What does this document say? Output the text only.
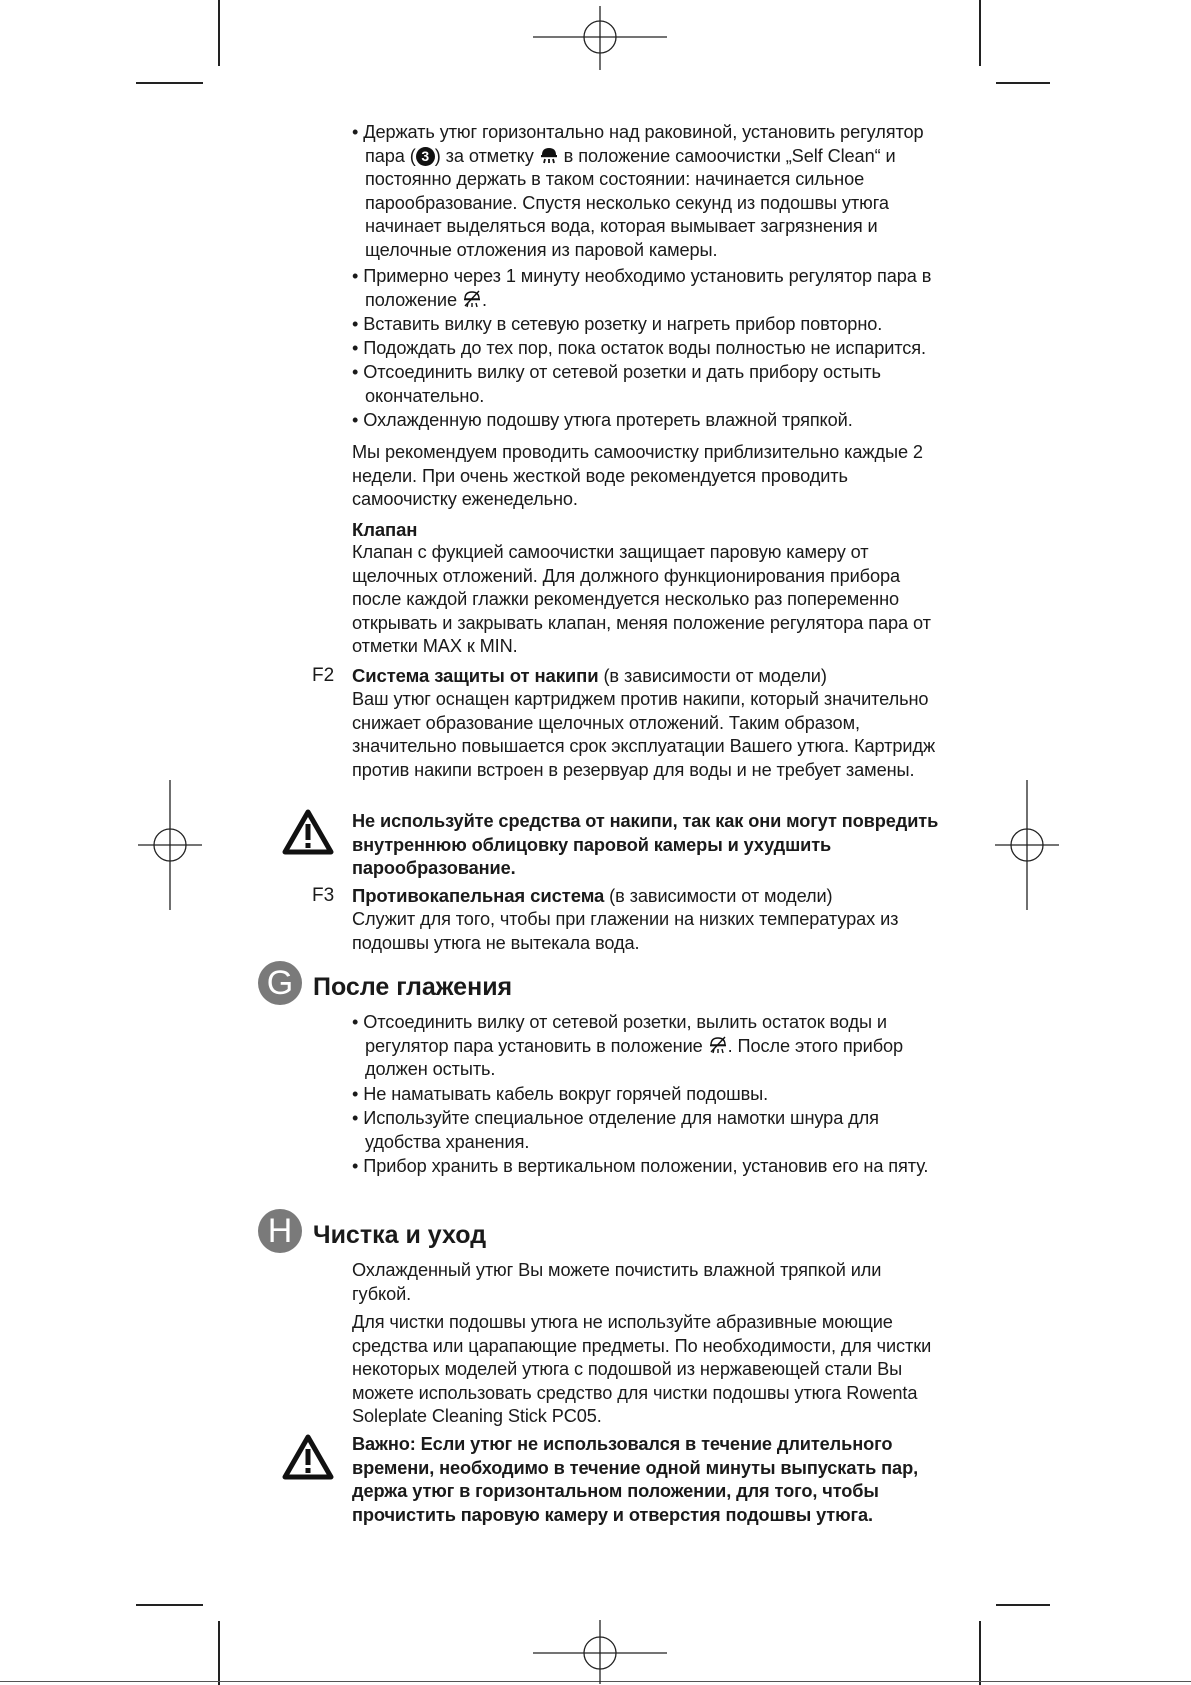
• Держать утюг горизонтально над раковиной, установить регулятор пара ( 3 ) за отметку  в положение самоочистки „Self Clean“ и постоянно держать в таком состоянии: начинается сильное парообразование. Спустя несколько секунд из подошвы утюга начинает выделяться вода, которая вымывает загрязнения и щелочные отложения из паровой камеры.
• Примерно через 1 минуту необходимо установить регулятор пара в положение .
• Вставить вилку в сетевую розетку и нагреть прибор повторно.
• Подождать до тех пор, пока остаток воды полностью не испарится.
• Отсоединить вилку от сетевой розетки и дать прибору остыть окончательно.
• Охлажденную подошву утюга протереть влажной тряпкой.
Мы рекомендуем проводить самоочистку приблизительно каждые 2 недели. При очень жесткой воде рекомендуется проводить самоочистку еженедельно.
Клапан
Клапан с фукцией самоочистки защищает паровую камеру от щелочных отложений. Для должного функционирования прибора после каждой глажки рекомендуется несколько раз попеременно открывать и закрывать клапан, меняя положение регулятора пара от отметки MAX к MIN.
Система защиты от накипи (в зависимости от модели)
Ваш утюг оснащен картриджем против накипи, который значительно снижает образование щелочных отложений. Таким образом, значительно повышается срок эксплуатации Вашего утюга. Картридж против накипи встроен в резервуар для воды и не требует замены.
Не используйте средства от накипи, так как они могут повредить внутреннюю облицовку паровой камеры и ухудшить парообразование.
Противокапельная система (в зависимости от модели)
Служит для того, чтобы при глажении на низких температурах из подошвы утюга не вытекала вода.
• Отсоединить вилку от сетевой розетки, вылить остаток воды и регулятор пара установить в положение . После этого прибор должен остыть.
• Не наматывать кабель вокруг горячей подошвы.
• Используйте специальное отделение для намотки шнура для удобства хранения.
• Прибор хранить в вертикальном положении, установив его на пяту.
Охлажденный утюг Вы можете почистить влажной тряпкой или губкой.
Для чистки подошвы утюга не используйте абразивные моющие средства или царапающие предметы. По необходимости, для чистки некоторых моделей утюга с подошвой из нержавеющей стали Вы можете использовать средство для чистки подошвы утюга Rowenta Soleplate Cleaning Stick PC05.
Важно: Если утюг не использовался в течение длительного времени, необходимо в течение одной минуты выпускать пар, держа утюг в горизонтальном положении, для того, чтобы прочистить паровую камеру и отверстия подошвы утюга.
F2
F3
G После глажения
H Чистка и уход
